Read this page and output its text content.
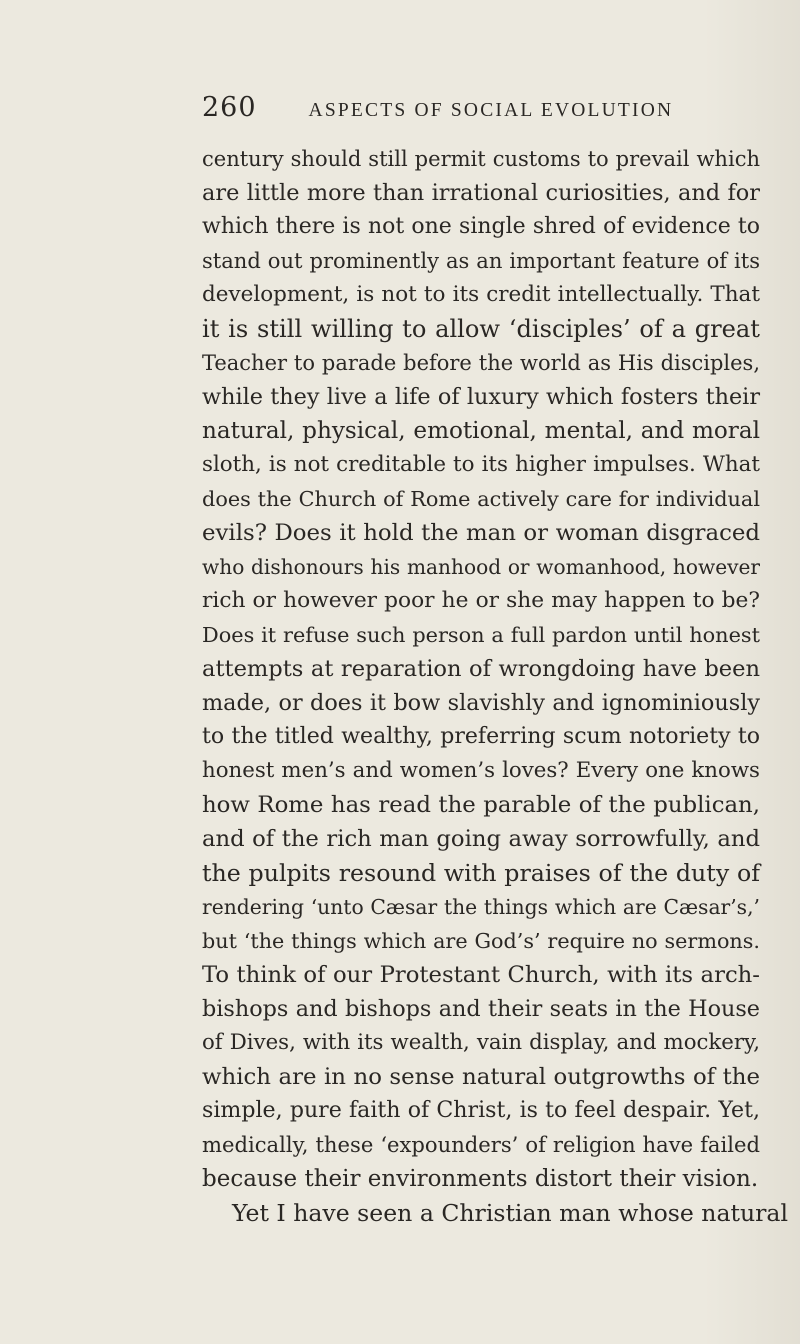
260	ASPECTS OF SOCIAL EVOLUTION
century should still permit customs to prevail which
are little more than irrational curiosities, and for
which there is not one single shred of evidence to
stand out prominently as an important feature of its
development, is not to its credit intellectually. That
it is still willing to allow ‘disciples’ of a great
Teacher to parade before the world as His disciples,
while they live a life of luxury which fosters their
natural, physical, emotional, mental, and moral
sloth, is not creditable to its higher impulses. What
does the Church of Rome actively care for individual
evils? Does it hold the man or woman disgraced
who dishonours his manhood or womanhood, however
rich or however poor he or she may happen to be?
Does it refuse such person a full pardon until honest
attempts at reparation of wrongdoing have been
made, or does it bow slavishly and ignominiously
to the titled wealthy, preferring scum notoriety to
honest men’s and women’s loves? Every one knows
how Rome has read the parable of the publican,
and of the rich man going away sorrowfully, and
the pulpits resound with praises of the duty of
rendering ‘unto Cæsar the things which are Cæsar’s,’
but ‘the things which are God’s’ require no sermons.
To think of our Protestant Church, with its arch-
bishops and bishops and their seats in the House
of Dives, with its wealth, vain display, and mockery,
which are in no sense natural outgrowths of the
simple, pure faith of Christ, is to feel despair. Yet,
medically, these ‘expounders’ of religion have failed
because their environments distort their vision.
Yet I have seen a Christian man whose natural
